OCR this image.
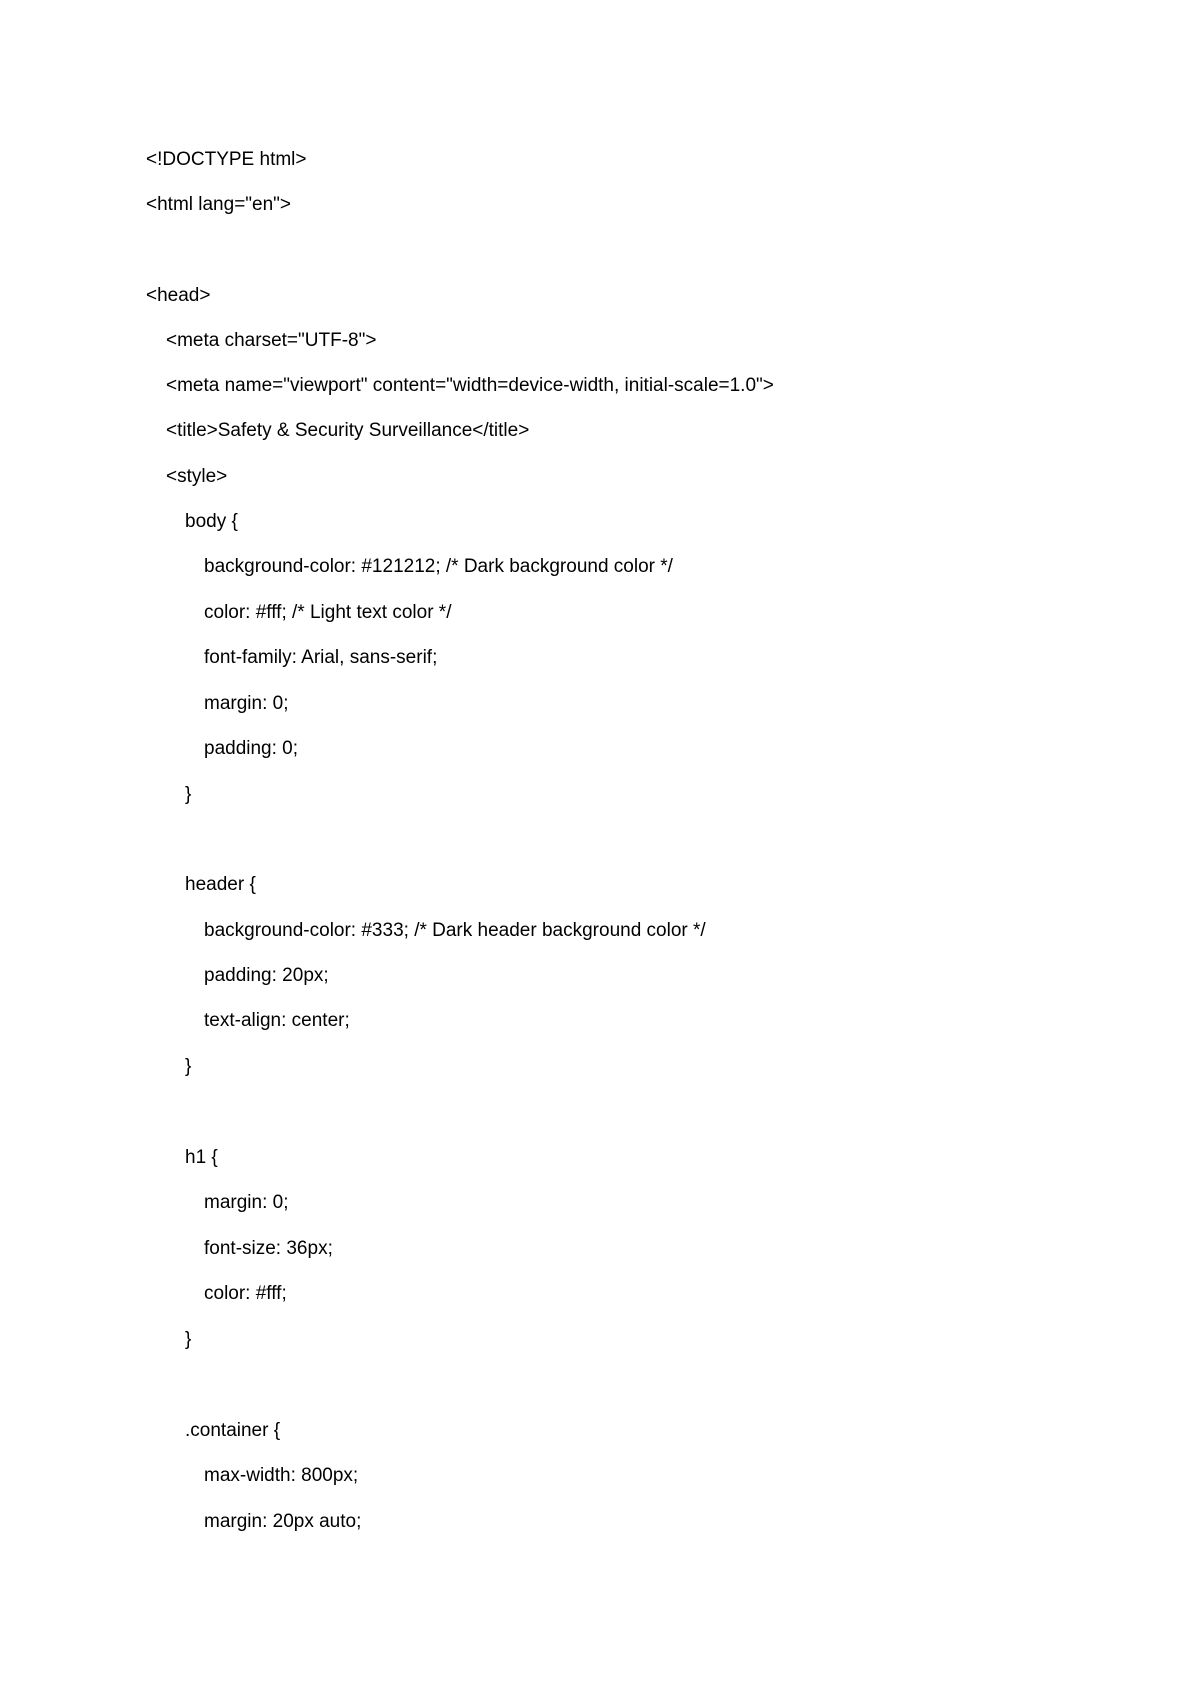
<!DOCTYPE html>
<html lang="en">
<head>
<meta charset="UTF-8">
<meta name="viewport" content="width=device-width, initial-scale=1.0">
<title>Safety & Security Surveillance</title>
<style>
body {
background-color: #121212; /* Dark background color */
color: #fff; /* Light text color */
font-family: Arial, sans-serif;
margin: 0;
padding: 0;
}
header {
background-color: #333; /* Dark header background color */
padding: 20px;
text-align: center;
}
h1 {
margin: 0;
font-size: 36px;
color: #fff;
}
.container {
max-width: 800px;
margin: 20px auto;
